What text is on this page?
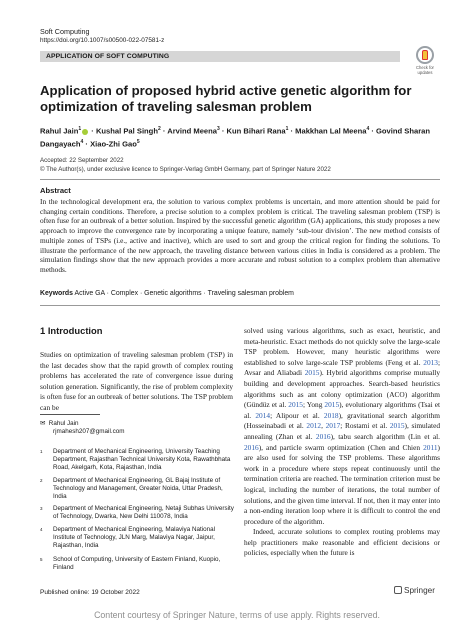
Soft Computing
https://doi.org/10.1007/s00500-022-07581-z
APPLICATION OF SOFT COMPUTING
Check for updates
Application of proposed hybrid active genetic algorithm for optimization of traveling salesman problem
Rahul Jain$^1$ · Kushal Pal Singh$^2$ · Arvind Meena$^3$ · Kun Bihari Rana$^1$ · Makkhan Lal Meena$^4$ · Govind Sharan Dangayach$^4$ · Xiao-Zhi Gao$^5$
Accepted: 22 September 2022
© The Author(s), under exclusive licence to Springer-Verlag GmbH Germany, part of Springer Nature 2022
Abstract
In the technological development era, the solution to various complex problems is uncertain, and more attention should be paid for changing certain conditions. Therefore, a precise solution to a complex problem is critical. The traveling salesman problem (TSP) is often fuse for an outbreak of a better solution. Inspired by the successful genetic algorithm (GA) applications, this study proposes a new approach to improve the convergence rate by incorporating a unique feature, namely ‘sub-tour division’. The new method consists of multiple zones of TSPs (i.e., active and inactive), which are used to sort and group the critical region for finding the solutions. To illustrate the performance of the new approach, the traveling distance between various cities in India is considered as a problem. The simulation findings show that the new approach provides a more accurate and robust solution to a complex problem than alternative methods.
Keywords Active GA · Complex · Genetic algorithms · Traveling salesman problem
1 Introduction

Studies on optimization of traveling salesman problem (TSP) in the last decades show that the rapid growth of complex routing problems has accelerated the rate of convergence issue during solution generation. Significantly, the rise of problem complexity is often fuse for an outbreak of better solutions. The TSP problem can be

✉ Rahul Jain
rjmahesh207@gmail.com
1	Department of Mechanical Engineering, University Teaching Department, Rajasthan Technical University Kota, Rawathbhata Road, Akelgarh, Kota, Rajasthan, India
2	Department of Mechanical Engineering, GL Bajaj Institute of Technology and Management, Greater Noida, Uttar Pradesh, India
3	Department of Mechanical Engineering, Netaji Subhas University of Technology, Dwarka, New Delhi 110078, India
4	Department of Mechanical Engineering, Malaviya National Institute of Technology, JLN Marg, Malaviya Nagar, Jaipur, Rajasthan, India
5	School of Computing, University of Eastern Finland, Kuopio, Finland

solved using various algorithms, such as exact, heuristic, and meta-heuristic. Exact methods do not quickly solve the large-scale TSP problem. However, many heuristic algorithms were established to solve large-scale TSP problems (Feng et al. 2013; Avsar and Aliabadi 2015). Hybrid algorithms comprise mutually building and development approaches. Search-based heuristics algorithms such as ant colony optimization (ACO) algorithm (Gündüz et al. 2015; Yong 2015), evolutionary algorithms (Tsai et al. 2014; Alipour et al. 2018), gravitational search algorithm (Hosseinabadi et al. 2012, 2017; Rostami et al. 2015), simulated annealing (Zhan et al. 2016), tabu search algorithm (Lin et al. 2016), and particle swarm optimization (Chen and Chien 2011) are also used for solving the TSP problems. These algorithms work in a procedure where steps repeat continuously until the termination criteria are reached. The termination criterion must be logical, including the number of iterations, the total number of solutions, and the given time interval. If not, then it may enter into a non-ending iteration loop where it is difficult to control the end procedure of the algorithm.

Indeed, accurate solutions to complex routing problems may help practitioners make reasonable and efficient decisions or policies, especially when the future is

Published online: 19 October 2022	Springer
Content courtesy of Springer Nature, terms of use apply. Rights reserved.
